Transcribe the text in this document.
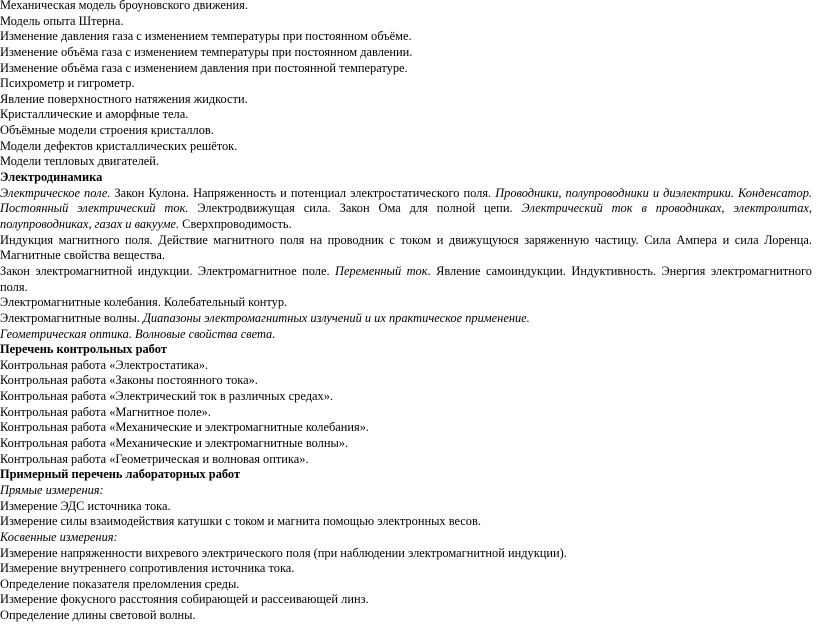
Механическая модель броуновского движения.
Модель опыта Штерна.
Изменение давления газа с изменением температуры при постоянном объёме.
Изменение объёма газа с изменением температуры при постоянном давлении.
Изменение объёма газа с изменением давления при постоянной температуре.
Психрометр и гигрометр.
Явление поверхностного натяжения жидкости.
Кристаллические и аморфные тела.
Объёмные модели строения кристаллов.
Модели дефектов кристаллических решёток.
Модели тепловых двигателей.
Электродинамика
Электрическое поле. Закон Кулона. Напряженность и потенциал электростатического поля. Проводники, полупроводники и диэлектрики. Конденсатор. Постоянный электрический ток. Электродвижущая сила. Закон Ома для полной цепи. Электрический ток в проводниках, электролитах, полупроводниках, газах и вакууме. Сверхпроводимость.
Индукция магнитного поля. Действие магнитного поля на проводник с током и движущуюся заряженную частицу. Сила Ампера и сила Лоренца. Магнитные свойства вещества.
Закон электромагнитной индукции. Электромагнитное поле. Переменный ток. Явление самоиндукции. Индуктивность. Энергия электромагнитного поля.
Электромагнитные колебания. Колебательный контур.
Электромагнитные волны. Диапазоны электромагнитных излучений и их практическое применение.
Геометрическая оптика. Волновые свойства света.
Перечень контрольных работ
Контрольная работа «Электростатика».
Контрольная работа «Законы постоянного тока».
Контрольная работа «Электрический ток в различных средах».
Контрольная работа «Магнитное поле».
Контрольная работа «Механические и электромагнитные колебания».
Контрольная работа «Механические и электромагнитные волны».
Контрольная работа «Геометрическая и волновая оптика».
Примерный перечень лабораторных работ
Прямые измерения:
Измерение ЭДС источника тока.
Измерение силы взаимодействия катушки с током и магнита помощью электронных весов.
Косвенные измерения:
Измерение напряженности вихревого электрического поля (при наблюдении электромагнитной индукции).
Измерение внутреннего сопротивления источника тока.
Определение показателя преломления среды.
Измерение фокусного расстояния собирающей и рассеивающей линз.
Определение длины световой волны.
